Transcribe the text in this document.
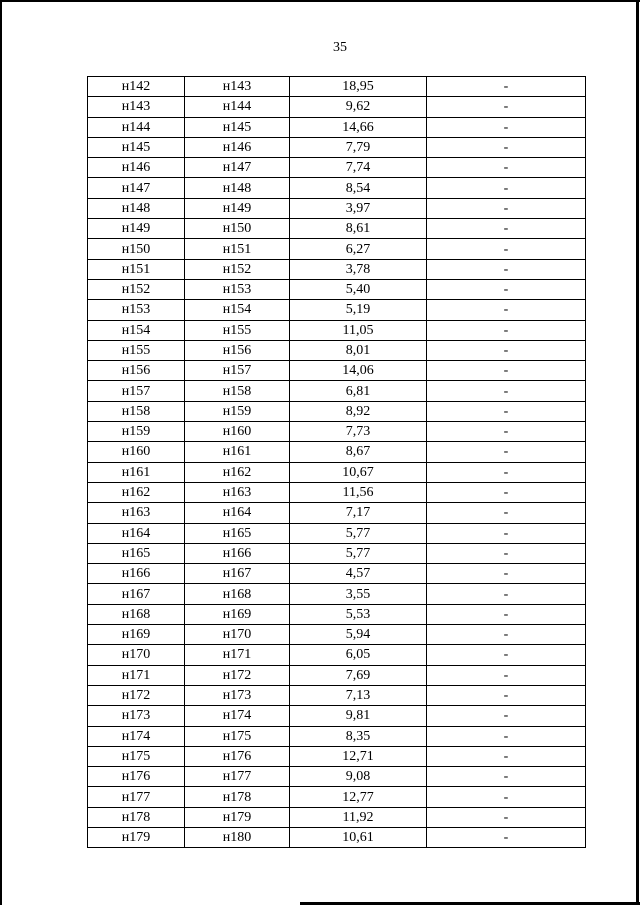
35
н142	н143	18,95	-
н143	н144	9,62	-
н144	н145	14,66	-
н145	н146	7,79	-
н146	н147	7,74	-
н147	н148	8,54	-
н148	н149	3,97	-
н149	н150	8,61	-
н150	н151	6,27	-
н151	н152	3,78	-
н152	н153	5,40	-
н153	н154	5,19	-
н154	н155	11,05	-
н155	н156	8,01	-
н156	н157	14,06	-
н157	н158	6,81	-
н158	н159	8,92	-
н159	н160	7,73	-
н160	н161	8,67	-
н161	н162	10,67	-
н162	н163	11,56	-
н163	н164	7,17	-
н164	н165	5,77	-
н165	н166	5,77	-
н166	н167	4,57	-
н167	н168	3,55	-
н168	н169	5,53	-
н169	н170	5,94	-
н170	н171	6,05	-
н171	н172	7,69	-
н172	н173	7,13	-
н173	н174	9,81	-
н174	н175	8,35	-
н175	н176	12,71	-
н176	н177	9,08	-
н177	н178	12,77	-
н178	н179	11,92	-
н179	н180	10,61	-
